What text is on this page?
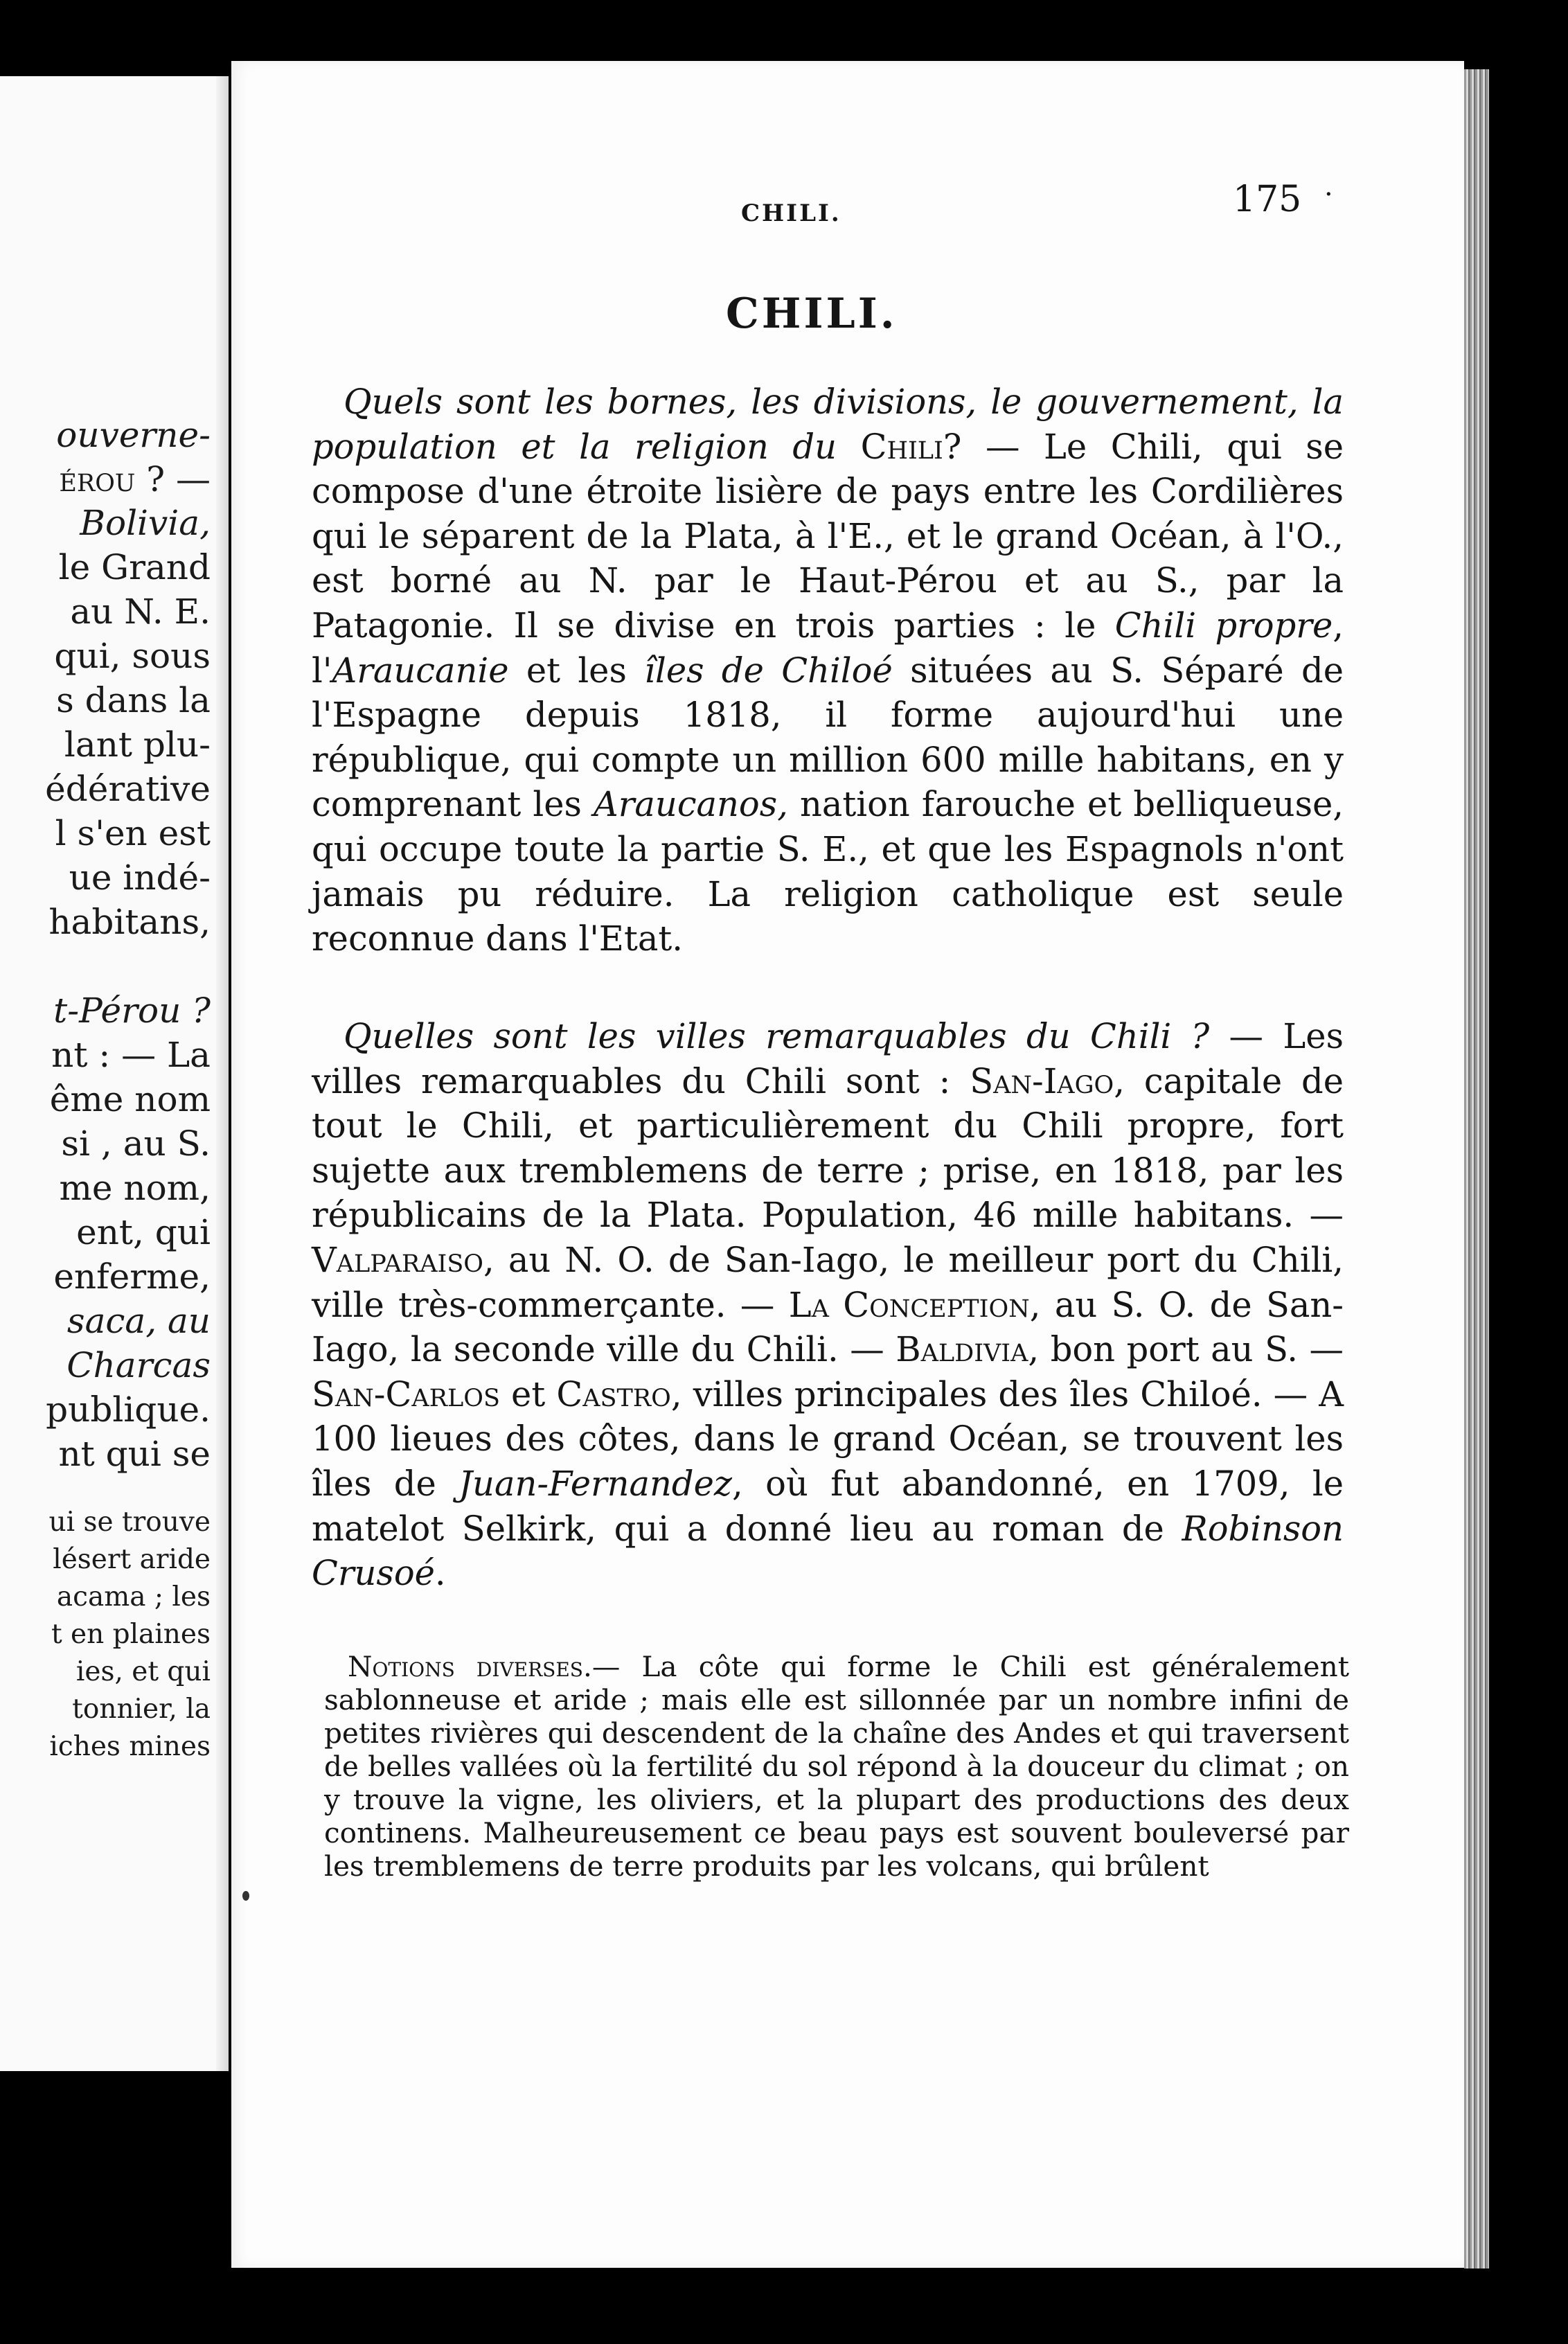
ouverne-
érou ? —
Bolivia,
le Grand
au N. E.
qui, sous
s dans la
lant plu-
édérative
l s'en est
ue indé-
habitans,
t-Pérou ?
nt : — La
ême nom
si , au S.
me nom,
ent, qui
enferme,
saca, au
Charcas
publique.
nt qui se
ui se trouve
lésert aride
acama ; les
t en plaines
ies, et qui
tonnier, la
iches mines
CHILI.	175 ·
CHILI.

Quels sont les bornes, les divisions, le gouvernement, la population et la religion du Chili? — Le Chili, qui se compose d'une étroite lisière de pays entre les Cordilières qui le séparent de la Plata, à l'E., et le grand Océan, à l'O., est borné au N. par le Haut-Pérou et au S., par la Patagonie. Il se divise en trois parties : le Chili propre, l'Araucanie et les îles de Chiloé situées au S. Séparé de l'Espagne depuis 1818, il forme aujourd'hui une république, qui compte un million 600 mille habitans, en y comprenant les Araucanos, nation farouche et belliqueuse, qui occupe toute la partie S. E., et que les Espagnols n'ont jamais pu réduire. La religion catholique est seule reconnue dans l'Etat.

Quelles sont les villes remarquables du Chili ? — Les villes remarquables du Chili sont : San-Iago, capitale de tout le Chili, et particulièrement du Chili propre, fort sujette aux tremblemens de terre ; prise, en 1818, par les républicains de la Plata. Population, 46 mille habitans. — Valparaiso, au N. O. de San-Iago, le meilleur port du Chili, ville très-commerçante. — La Conception, au S. O. de San-Iago, la seconde ville du Chili. — Baldivia, bon port au S. — San-Carlos et Castro, villes principales des îles Chiloé. — A 100 lieues des côtes, dans le grand Océan, se trouvent les îles de Juan-Fernandez, où fut abandonné, en 1709, le matelot Selkirk, qui a donné lieu au roman de Robinson Crusoé.

Notions diverses.— La côte qui forme le Chili est généralement sablonneuse et aride ; mais elle est sillonnée par un nombre infini de petites rivières qui descendent de la chaîne des Andes et qui traversent de belles vallées où la fertilité du sol répond à la douceur du climat ; on y trouve la vigne, les oliviers, et la plupart des productions des deux continens. Malheureusement ce beau pays est souvent bouleversé par les tremblemens de terre produits par les volcans, qui brûlent
